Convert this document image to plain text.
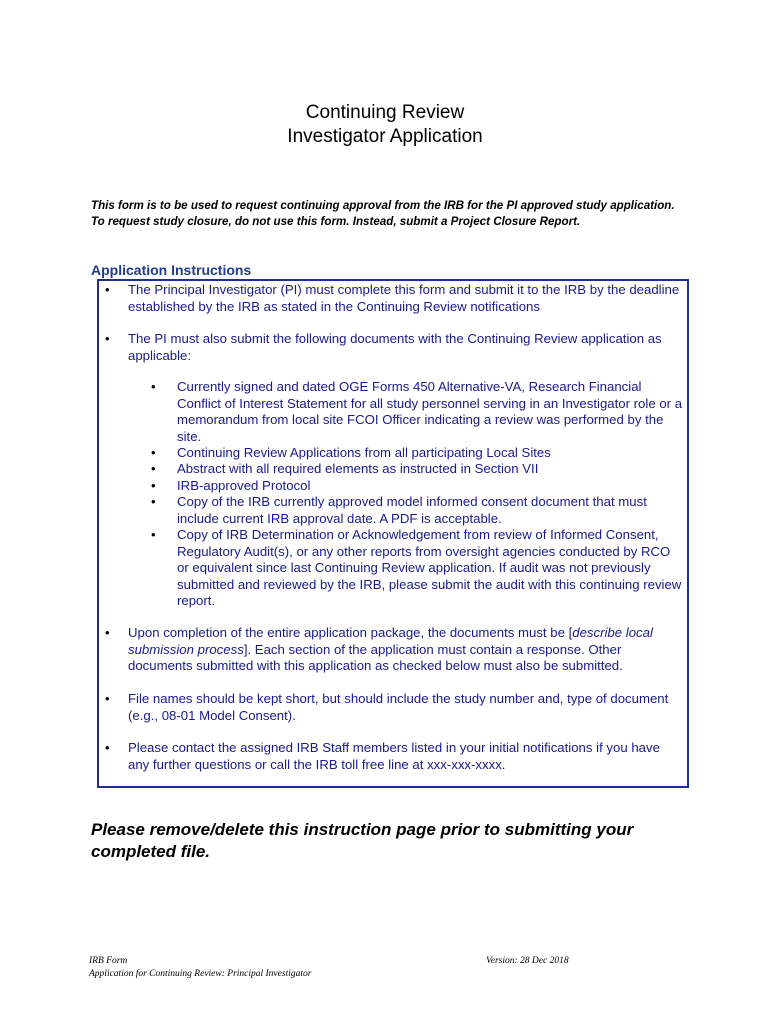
Continuing Review
Investigator Application
This form is to be used to request continuing approval from the IRB for the PI approved study application. To request study closure, do not use this form. Instead, submit a Project Closure Report.
Application Instructions
• The Principal Investigator (PI) must complete this form and submit it to the IRB by the deadline established by the IRB as stated in the Continuing Review notifications
• The PI must also submit the following documents with the Continuing Review application as applicable:
• Currently signed and dated OGE Forms 450 Alternative-VA, Research Financial Conflict of Interest Statement for all study personnel serving in an Investigator role or a memorandum from local site FCOI Officer indicating a review was performed by the site.
• Continuing Review Applications from all participating Local Sites
• Abstract with all required elements as instructed in Section VII
• IRB-approved Protocol
• Copy of the IRB currently approved model informed consent document that must include current IRB approval date. A PDF is acceptable.
• Copy of IRB Determination or Acknowledgement from review of Informed Consent, Regulatory Audit(s), or any other reports from oversight agencies conducted by RCO or equivalent since last Continuing Review application. If audit was not previously submitted and reviewed by the IRB, please submit the audit with this continuing review report.
• Upon completion of the entire application package, the documents must be [describe local submission process]. Each section of the application must contain a response. Other documents submitted with this application as checked below must also be submitted.
• File names should be kept short, but should include the study number and, type of document (e.g., 08-01 Model Consent).
• Please contact the assigned IRB Staff members listed in your initial notifications if you have any further questions or call the IRB toll free line at xxx-xxx-xxxx.
Please remove/delete this instruction page prior to submitting your completed file.
IRB Form
Application for Continuing Review: Principal Investigator
Version: 28 Dec 2018
